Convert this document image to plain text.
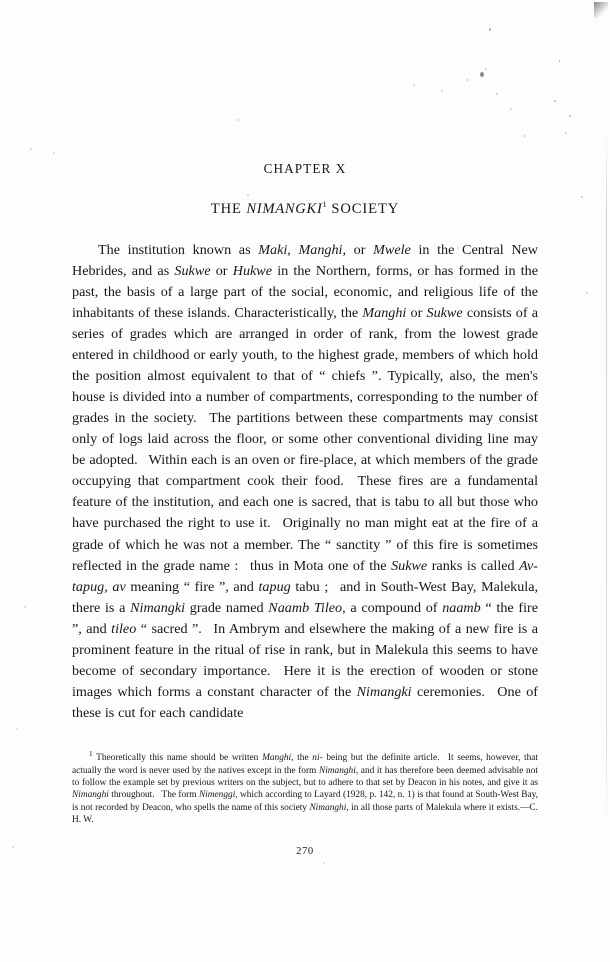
CHAPTER X
THE NIMANGKI$^1$ SOCIETY
The institution known as Maki, Manghi, or Mwele in the Central New Hebrides, and as Sukwe or Hukwe in the Northern, forms, or has formed in the past, the basis of a large part of the social, economic, and religious life of the inhabitants of these islands. Characteristically, the Manghi or Sukwe consists of a series of grades which are arranged in order of rank, from the lowest grade entered in childhood or early youth, to the highest grade, members of which hold the position almost equivalent to that of “ chiefs ”. Typically, also, the men's house is divided into a number of compartments, corresponding to the number of grades in the society.  The partitions between these compartments may consist only of logs laid across the floor, or some other conventional dividing line may be adopted.  Within each is an oven or fire-place, at which members of the grade occupying that compartment cook their food.  These fires are a fundamental feature of the institution, and each one is sacred, that is tabu to all but those who have purchased the right to use it.  Originally no man might eat at the fire of a grade of which he was not a member. The “ sanctity ” of this fire is sometimes reflected in the grade name :  thus in Mota one of the Sukwe ranks is called Av-tapug, av meaning “ fire ”, and tapug tabu ;  and in South-West Bay, Malekula, there is a Nimangki grade named Naamb Tileo, a compound of naamb “ the fire ”, and tileo “ sacred ”.  In Ambrym and elsewhere the making of a new fire is a prominent feature in the ritual of rise in rank, but in Malekula this seems to have become of secondary importance.  Here it is the erection of wooden or stone images which forms a constant character of the Nimangki ceremonies.  One of these is cut for each candidate
$^1$ Theoretically this name should be written Manghi, the ni- being but the definite article.  It seems, however, that actually the word is never used by the natives except in the form Nimanghi, and it has therefore been deemed advisable not to follow the example set by previous writers on the subject, but to adhere to that set by Deacon in his notes, and give it as Nimanghi throughout.  The form Nimenggi, which according to Layard (1928, p. 142, n. 1) is that found at South-West Bay, is not recorded by Deacon, who spells the name of this society Nimanghi, in all those parts of Malekula where it exists.—C. H. W.
270
